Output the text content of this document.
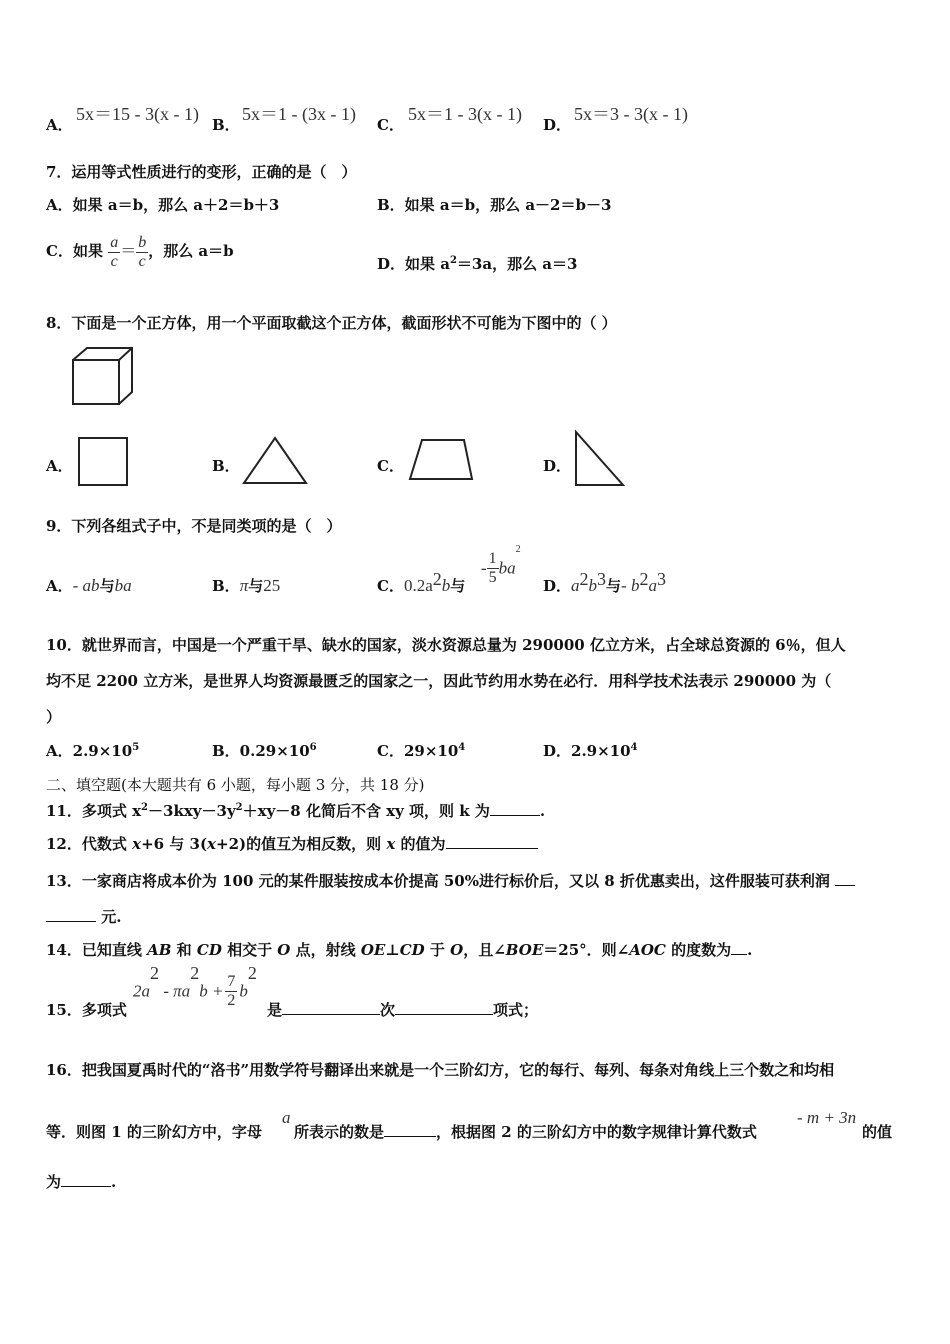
A．
5x＝15 - 3(x - 1)
B．
5x＝1 - (3x - 1)
C．
5x＝1 - 3(x - 1)
D．
5x＝3 - 3(x - 1)
7．运用等式性质进行的变形，正确的是（　）
A．如果 a＝b，那么 a＋2＝b＋3	B．如果 a＝b，那么 a－2＝b－3
C．如果 $\frac{a}{c} = \frac{b}{c}$ ，那么 a＝b
D．如果 $a^2=3a$，那么 a＝3
8．下面是一个正方体，用一个平面取截这个正方体，截面形状不可能为下图中的（ ）
A．	B．	C．	D．
9．下列各组式子中，不是同类项的是（　）
A．- ab与ba	B．π与25	C．$0.2a^2b$与
- $\frac{1}{5} ba^2$
D．$a^2b^3$与- $b^2a^3$
10．就世界而言，中国是一个严重干旱、缺水的国家，淡水资源总量为 290000 亿立方米，占全球总资源的 6％，但人
均不足 2200 立方米，是世界人均资源最匮乏的国家之一，因此节约用水势在必行．用科学技术法表示 290000 为（
）
A．$2.9\times 10^5$	B．$0.29\times 10^6$	C．$29\times 10^4$	D．$2.9\times 10^4$
二、填空题(本大题共有 6 小题，每小题 3 分，共 18 分)
11．多项式 $x^2-3kxy-3y^2+xy-8$ 化简后不含 xy 项，则 k 为	.
12．代数式 x+6 与 3(x+2)的值互为相反数，则 x 的值为
13．一家商店将成本价为 100 元的某件服装按成本价提高 50%进行标价后，又以 8 折优惠卖出，这件服装可获利润
元.
14．已知直线 AB 和 CD 相交于 O 点，射线 OE⊥CD 于 O，且∠BOE＝25°．则∠AOC 的度数为 .
15．多项式
$2a^2 - \pi a^2b + \frac{7}{2} b^2$
是	次	项式；
16．把我国夏禹时代的“洛书”用数学符号翻译出来就是一个三阶幻方，它的每行、每列、每条对角线上三个数之和均相
等．则图 1 的三阶幻方中，字母
a
所表示的数是	，根据图 2 的三阶幻方中的数字规律计算代数式
- m + 3n
的值
为	.
